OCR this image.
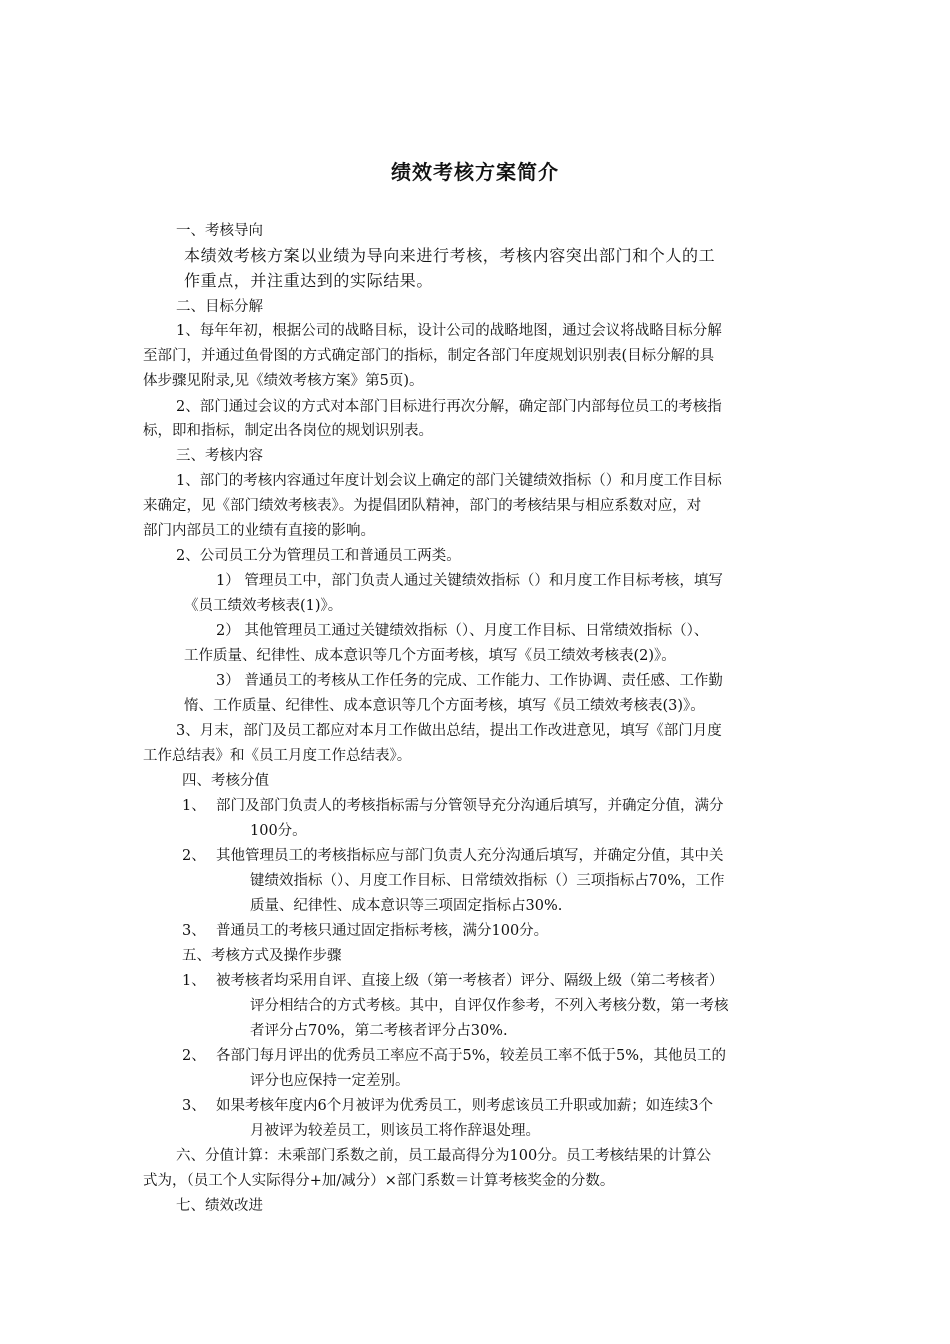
绩效考核方案简介
一、考核导向
本绩效考核方案以业绩为导向来进行考核，考核内容突出部门和个人的工
作重点，并注重达到的实际结果。
二、目标分解
1、每年年初，根据公司的战略目标，设计公司的战略地图，通过会议将战略目标分解
至部门，并通过鱼骨图的方式确定部门的指标，制定各部门年度规划识别表(目标分解的具
体步骤见附录,见《绩效考核方案》第5页)。
2、部门通过会议的方式对本部门目标进行再次分解，确定部门内部每位员工的考核指
标，即和指标，制定出各岗位的规划识别表。
三、考核内容
1、部门的考核内容通过年度计划会议上确定的部门关键绩效指标（）和月度工作目标
来确定，见《部门绩效考核表》。为提倡团队精神，部门的考核结果与相应系数对应，对
部门内部员工的业绩有直接的影响。
2、公司员工分为管理员工和普通员工两类。
1） 管理员工中，部门负责人通过关键绩效指标（）和月度工作目标考核，填写
《员工绩效考核表(1)》。
2） 其他管理员工通过关键绩效指标（）、月度工作目标、日常绩效指标（）、
工作质量、纪律性、成本意识等几个方面考核，填写《员工绩效考核表(2)》。
3） 普通员工的考核从工作任务的完成、工作能力、工作协调、责任感、工作勤
惰、工作质量、纪律性、成本意识等几个方面考核，填写《员工绩效考核表(3)》。
3、月末，部门及员工都应对本月工作做出总结，提出工作改进意见，填写《部门月度
工作总结表》和《员工月度工作总结表》。
四、考核分值
1、 部门及部门负责人的考核指标需与分管领导充分沟通后填写，并确定分值，满分
100分。
2、 其他管理员工的考核指标应与部门负责人充分沟通后填写，并确定分值，其中关
键绩效指标（）、月度工作目标、日常绩效指标（）三项指标占70%，工作
质量、纪律性、成本意识等三项固定指标占30%.
3、 普通员工的考核只通过固定指标考核，满分100分。
五、考核方式及操作步骤
1、 被考核者均采用自评、直接上级（第一考核者）评分、隔级上级（第二考核者）
评分相结合的方式考核。其中，自评仅作参考，不列入考核分数，第一考核
者评分占70%，第二考核者评分占30%.
2、 各部门每月评出的优秀员工率应不高于5%，较差员工率不低于5%，其他员工的
评分也应保持一定差别。
3、 如果考核年度内6个月被评为优秀员工，则考虑该员工升职或加薪；如连续3个
月被评为较差员工，则该员工将作辞退处理。
六、分值计算：未乘部门系数之前，员工最高得分为100分。员工考核结果的计算公
式为，（员工个人实际得分+加/减分）×部门系数＝计算考核奖金的分数。
七、绩效改进
